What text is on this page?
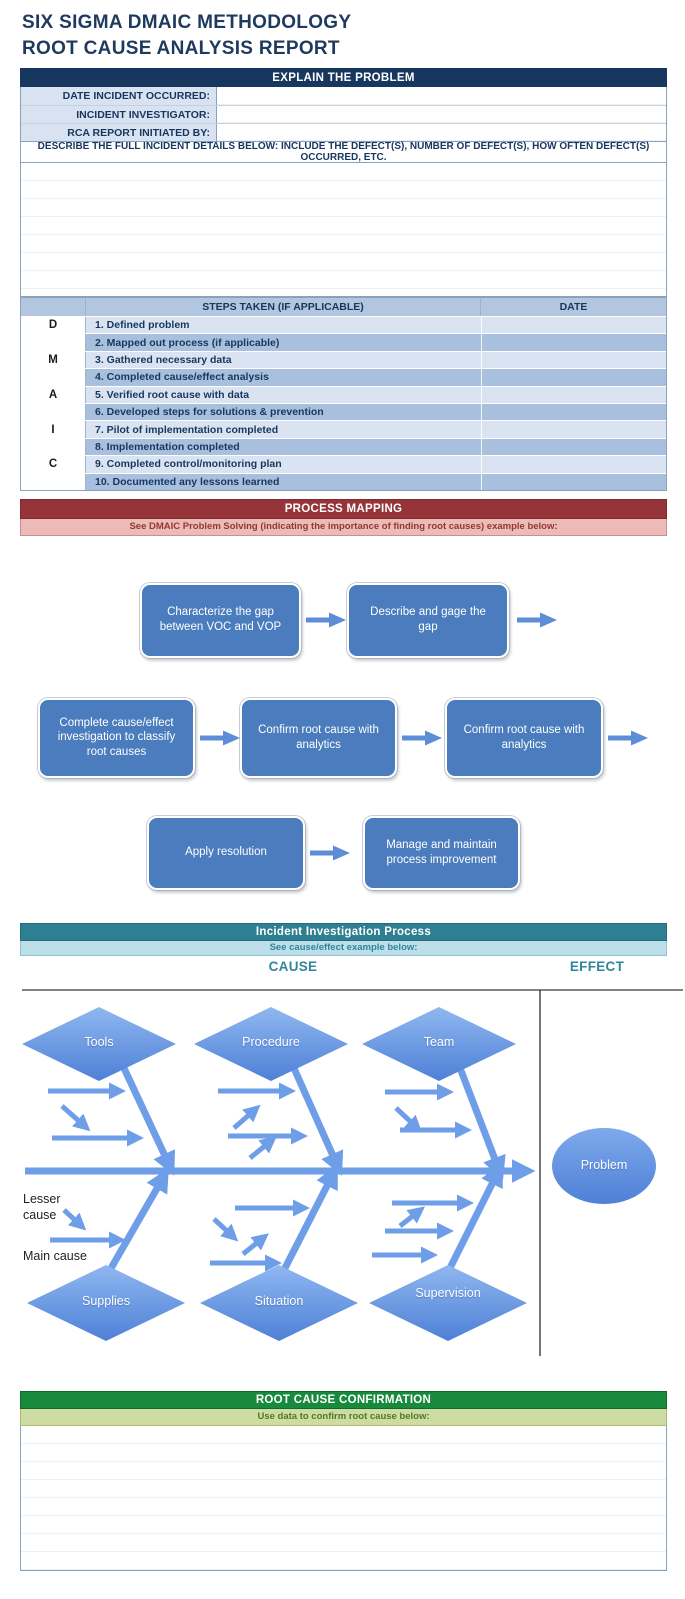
SIX SIGMA DMAIC METHODOLOGY
ROOT CAUSE ANALYSIS REPORT
EXPLAIN THE PROBLEM
DATE INCIDENT OCCURRED:
INCIDENT INVESTIGATOR:
RCA REPORT INITIATED BY:
DESCRIBE THE FULL INCIDENT DETAILS BELOW: INCLUDE THE DEFECT(S), NUMBER OF DEFECT(S), HOW OFTEN DEFECT(S) OCCURRED, ETC.
STEPS TAKEN (IF APPLICABLE)	DATE
D	1. Defined problem
2. Mapped out process (if applicable)
M	3. Gathered necessary data
4. Completed cause/effect analysis
A	5. Verified root cause with data
6. Developed steps for solutions & prevention
I	7. Pilot of implementation completed
8. Implementation completed
C	9. Completed control/monitoring plan
10. Documented any lessons learned
PROCESS MAPPING
See DMAIC Problem Solving (indicating the importance of finding root causes) example below:
Characterize the gap between VOC and VOP
Describe and gage the gap
Complete cause/effect investigation to classify root causes
Confirm root cause with analytics
Confirm root cause with analytics
Apply resolution
Manage and maintain process improvement
Incident Investigation Process
See cause/effect example below:
CAUSE	EFFECT
Tools	Procedure	Team
Supplies	Situation
Supervision
Problem
Lesser cause
Main cause
ROOT CAUSE CONFIRMATION
Use data to confirm root cause below:
